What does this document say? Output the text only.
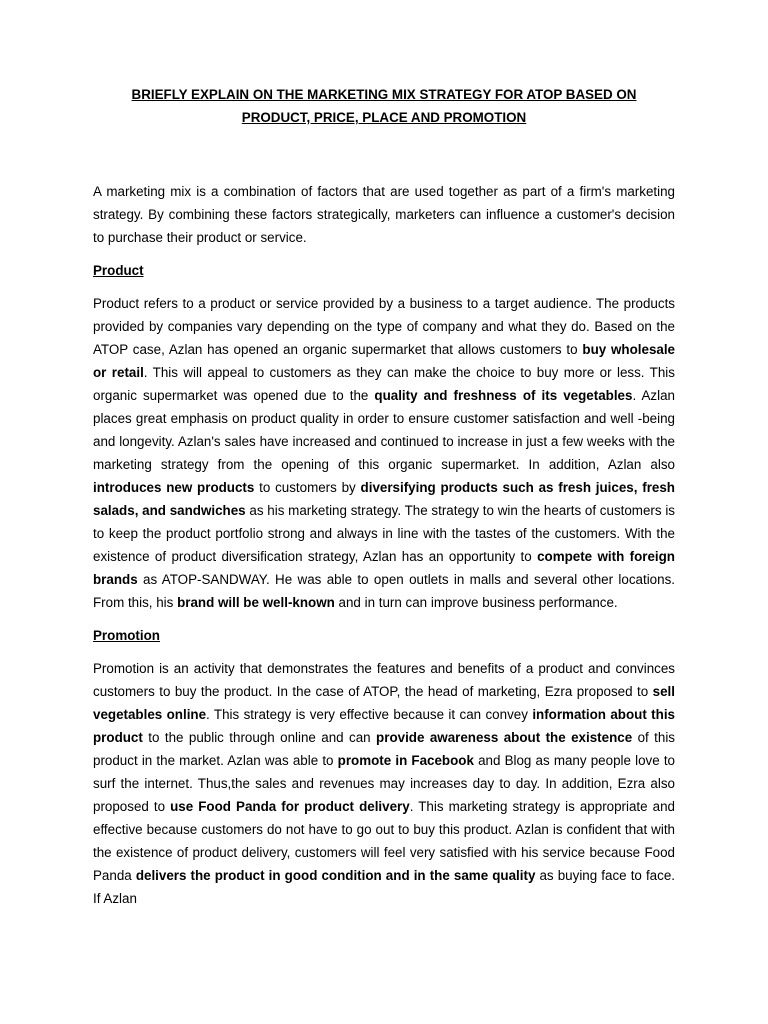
BRIEFLY EXPLAIN ON THE MARKETING MIX STRATEGY FOR ATOP BASED ON
PRODUCT, PRICE, PLACE AND PROMOTION

A marketing mix is a combination of factors that are used together as part of a firm's marketing strategy. By combining these factors strategically, marketers can influence a customer's decision to purchase their product or service.

Product

Product refers to a product or service provided by a business to a target audience. The products provided by companies vary depending on the type of company and what they do. Based on the ATOP case, Azlan has opened an organic supermarket that allows customers to buy wholesale or retail. This will appeal to customers as they can make the choice to buy more or less. This organic supermarket was opened due to the quality and freshness of its vegetables. Azlan places great emphasis on product quality in order to ensure customer satisfaction and well -being and longevity. Azlan's sales have increased and continued to increase in just a few weeks with the marketing strategy from the opening of this organic supermarket. In addition, Azlan also introduces new products to customers by diversifying products such as fresh juices, fresh salads, and sandwiches as his marketing strategy. The strategy to win the hearts of customers is to keep the product portfolio strong and always in line with the tastes of the customers. With the existence of product diversification strategy, Azlan has an opportunity to compete with foreign brands as ATOP-SANDWAY. He was able to open outlets in malls and several other locations. From this, his brand will be well-known and in turn can improve business performance.

Promotion

Promotion is an activity that demonstrates the features and benefits of a product and convinces customers to buy the product. In the case of ATOP, the head of marketing, Ezra proposed to sell vegetables online. This strategy is very effective because it can convey information about this product to the public through online and can provide awareness about the existence of this product in the market. Azlan was able to promote in Facebook and Blog as many people love to surf the internet. Thus,the sales and revenues may increases day to day. In addition, Ezra also proposed to use Food Panda for product delivery. This marketing strategy is appropriate and effective because customers do not have to go out to buy this product. Azlan is confident that with the existence of product delivery, customers will feel very satisfied with his service because Food Panda delivers the product in good condition and in the same quality as buying face to face. If Azlan
